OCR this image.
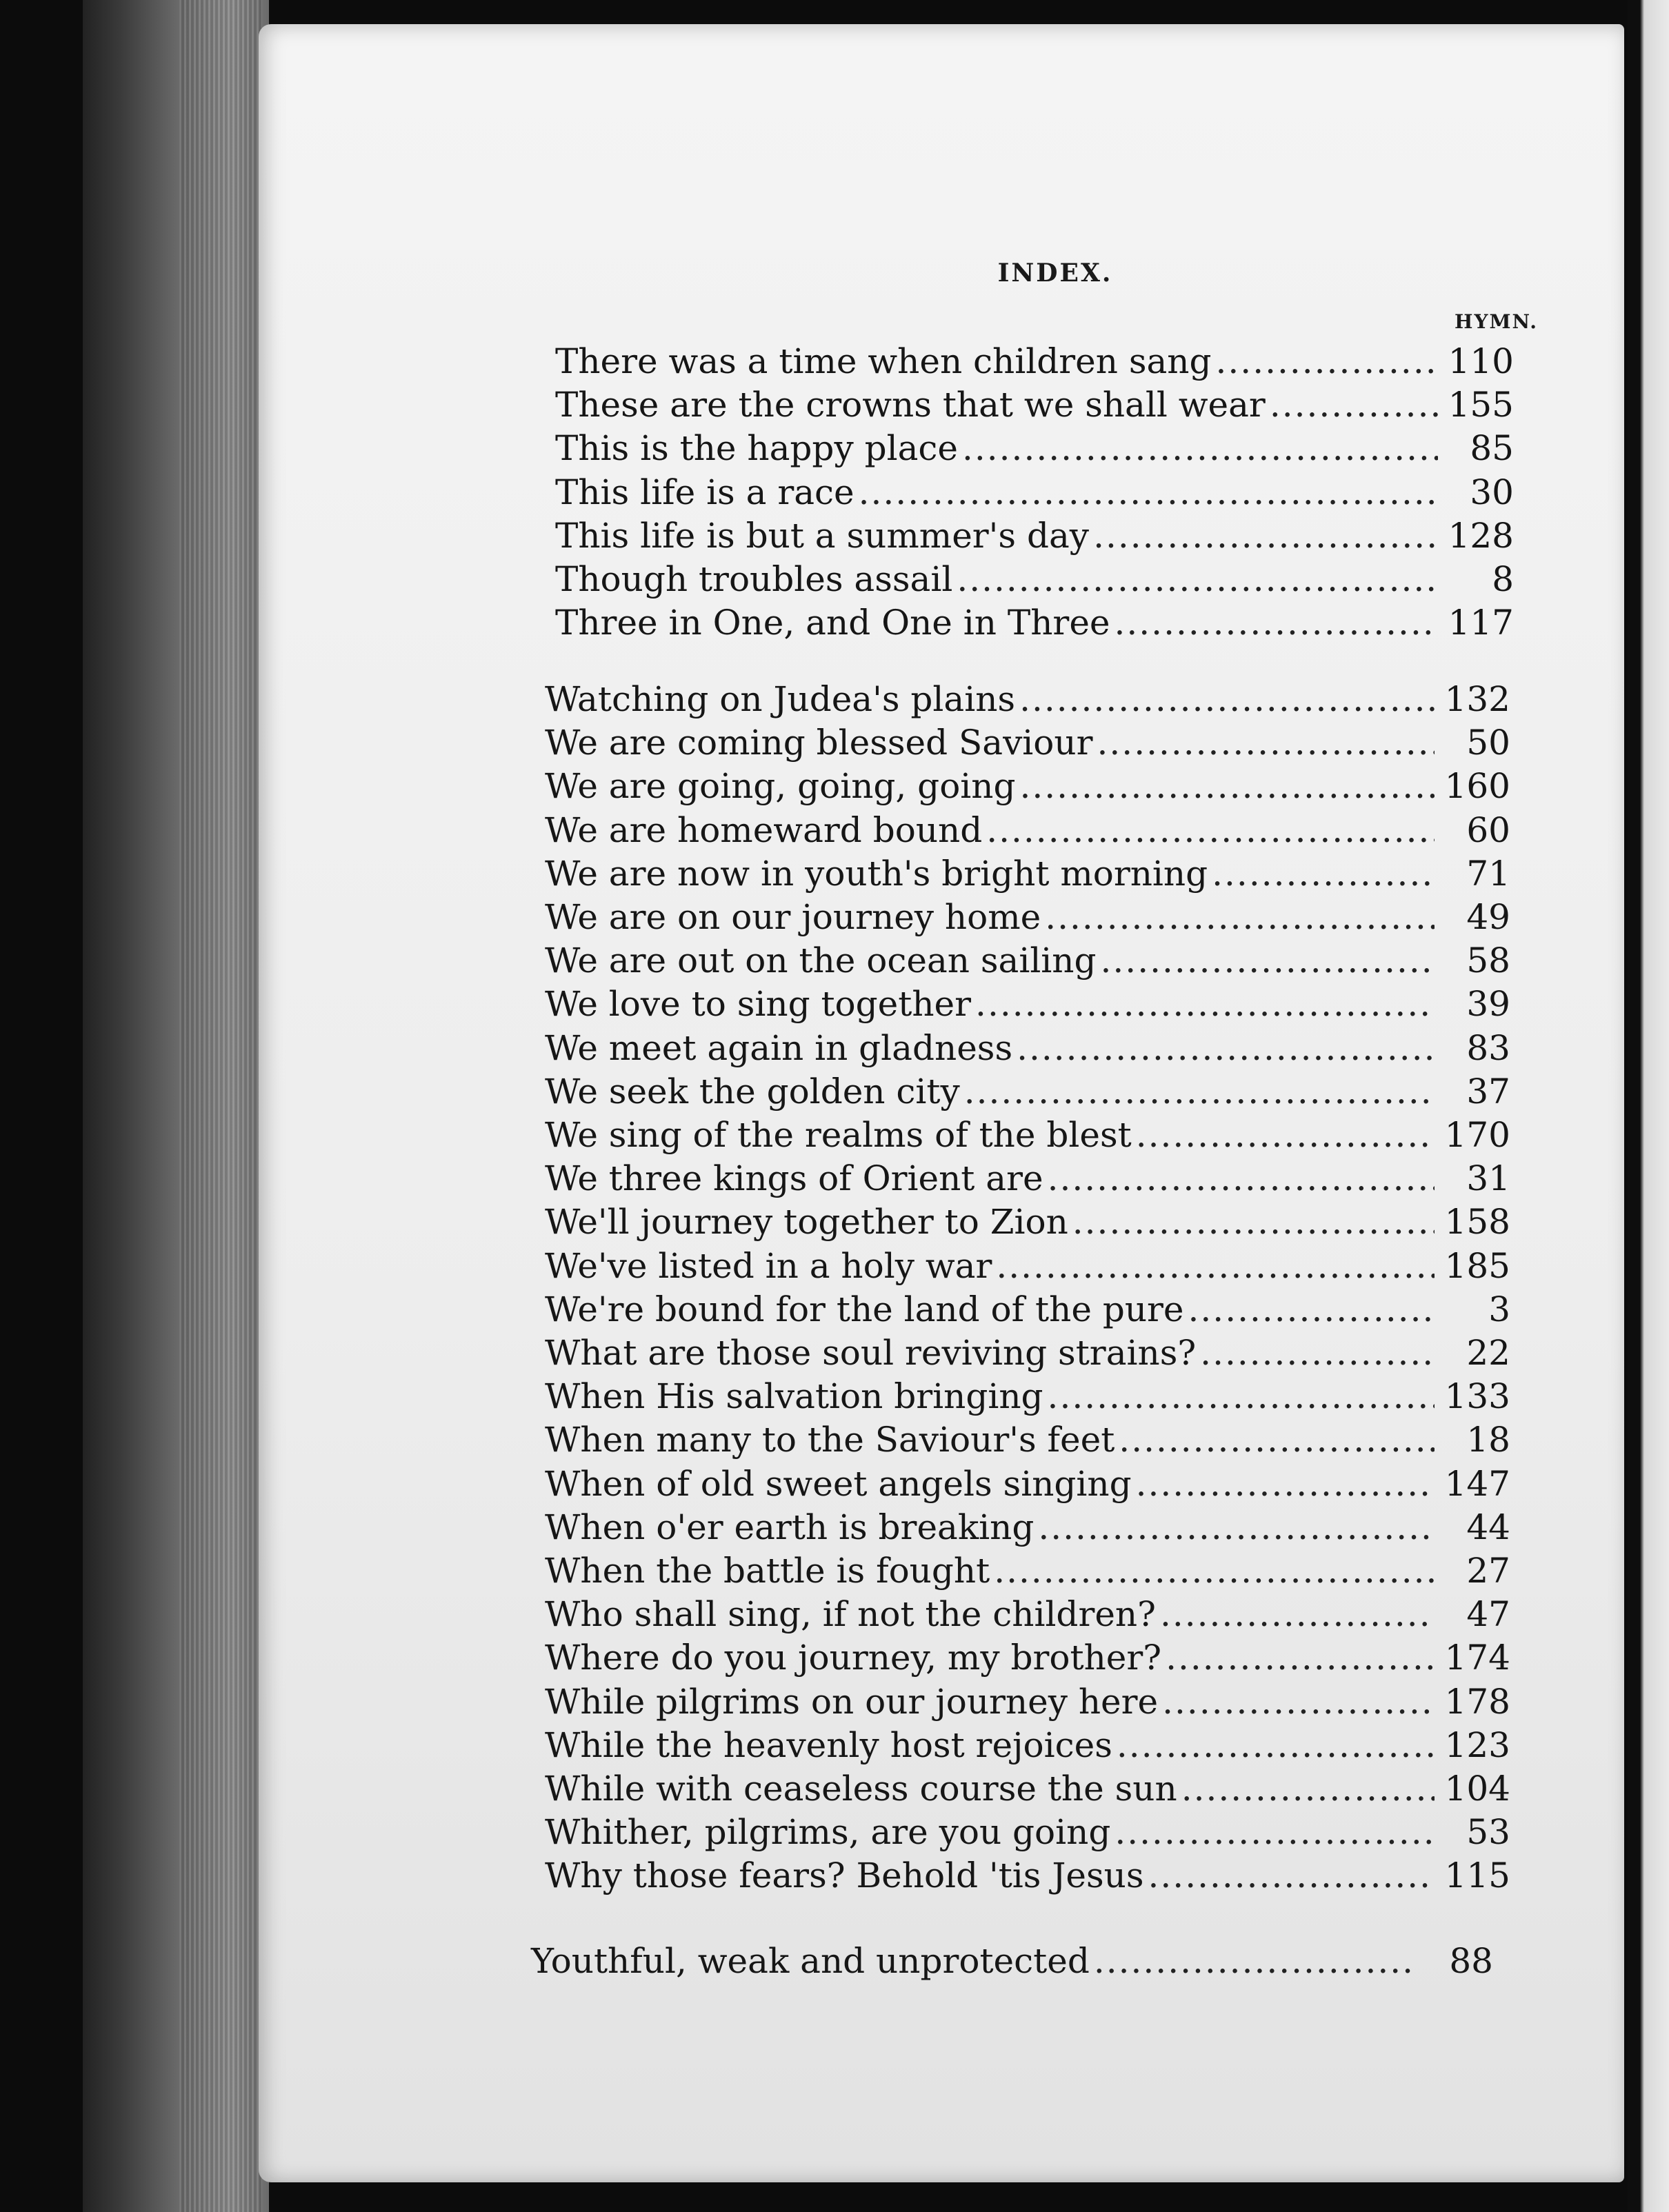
INDEX.
HYMN.
There was a time when children sang .....	110
These are the crowns that we shall wear .....	155
This is the happy place .....	85
This life is a race .....	30
This life is but a summer's day .....	128
Though troubles assail .....	8
Three in One, and One in Three .....	117
Watching on Judea's plains .....	132
We are coming blessed Saviour .....	50
We are going, going, going .....	160
We are homeward bound .....	60
We are now in youth's bright morning .....	71
We are on our journey home .....	49
We are out on the ocean sailing .....	58
We love to sing together .....	39
We meet again in gladness .....	83
We seek the golden city .....	37
We sing of the realms of the blest .....	170
We three kings of Orient are .....	31
We'll journey together to Zion .....	158
We've listed in a holy war .....	185
We're bound for the land of the pure .....	3
What are those soul reviving strains? .....	22
When His salvation bringing .....	133
When many to the Saviour's feet .....	18
When of old sweet angels singing .....	147
When o'er earth is breaking .....	44
When the battle is fought .....	27
Who shall sing, if not the children? .....	47
Where do you journey, my brother? .....	174
While pilgrims on our journey here .....	178
While the heavenly host rejoices .....	123
While with ceaseless course the sun .....	104
Whither, pilgrims, are you going .....	53
Why those fears? Behold 'tis Jesus .....	115
Youthful, weak and unprotected .....	88
